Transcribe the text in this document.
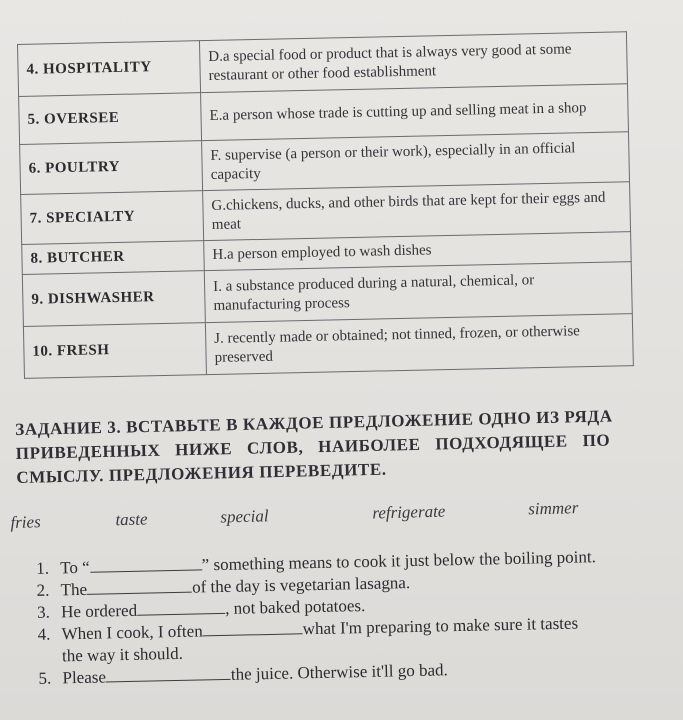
4. HOSPITALITY	D.a special food or product that is always very good at some restaurant or other food establishment
5. OVERSEE	E.a person whose trade is cutting up and selling meat in a shop
6. POULTRY	F. supervise (a person or their work), especially in an official capacity
7. SPECIALTY	G.chickens, ducks, and other birds that are kept for their eggs and meat
8. BUTCHER	H.a person employed to wash dishes
9. DISHWASHER	I. a substance produced during a natural, chemical, or manufacturing process
10. FRESH	J. recently made or obtained; not tinned, frozen, or otherwise preserved
ЗАДАНИЕ 3. ВСТАВЬТЕ В КАЖДОЕ ПРЕДЛОЖЕНИЕ ОДНО ИЗ РЯДА
ПРИВЕДЕННЫХ НИЖЕ СЛОВ, НАИБОЛЕЕ ПОДХОДЯЩЕЕ ПО
СМЫСЛУ. ПРЕДЛОЖЕНИЯ ПЕРЕВЕДИТЕ.
fries	taste	special	refrigerate	simmer
1. To “	” something means to cook it just below the boiling point.
2. The	of the day is vegetarian lasagna.
3. He ordered	, not baked potatoes.
4. When I cook, I often	what I'm preparing to make sure it tastes
the way it should.
5. Please	the juice. Otherwise it'll go bad.
